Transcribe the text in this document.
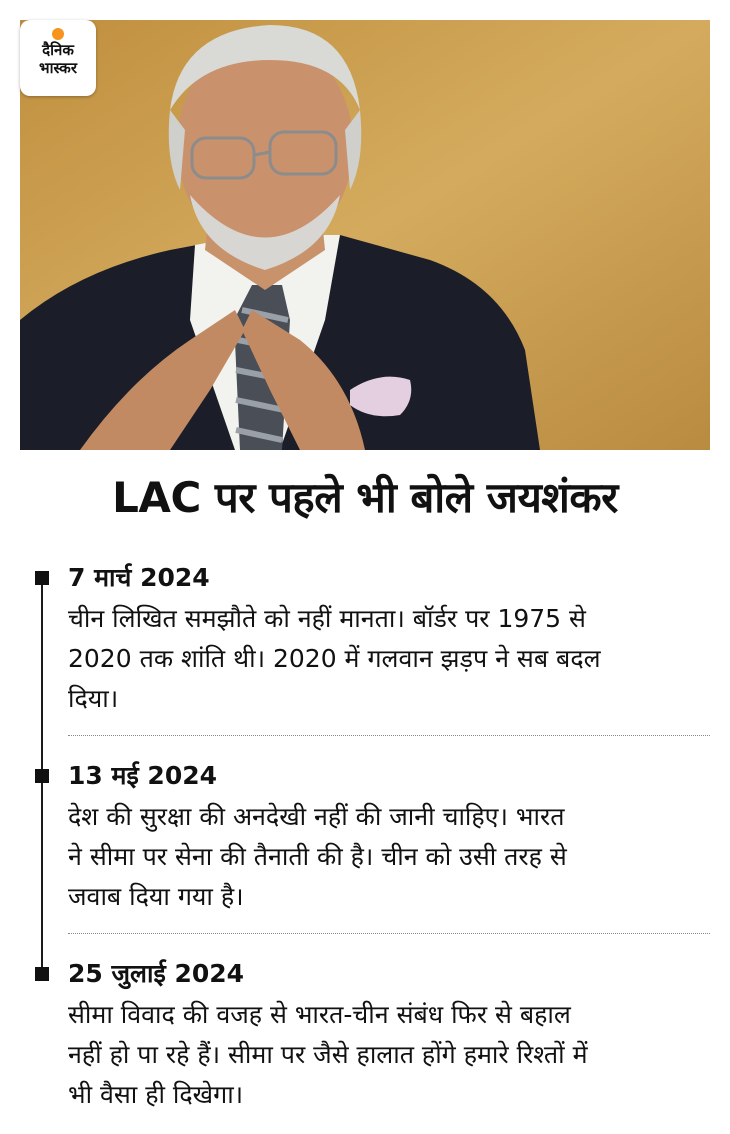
दैनिक
भास्कर
LAC पर पहले भी बोले जयशंकर
7 मार्च 2024
चीन लिखित समझौते को नहीं मानता। बॉर्डर पर 1975 से
2020 तक शांति थी। 2020 में गलवान झड़प ने सब बदल
दिया।
13 मई 2024
देश की सुरक्षा की अनदेखी नहीं की जानी चाहिए। भारत
ने सीमा पर सेना की तैनाती की है। चीन को उसी तरह से
जवाब दिया गया है।
25 जुलाई 2024
सीमा विवाद की वजह से भारत-चीन संबंध फिर से बहाल
नहीं हो पा रहे हैं। सीमा पर जैसे हालात होंगे हमारे रिश्तों में
भी वैसा ही दिखेगा।
